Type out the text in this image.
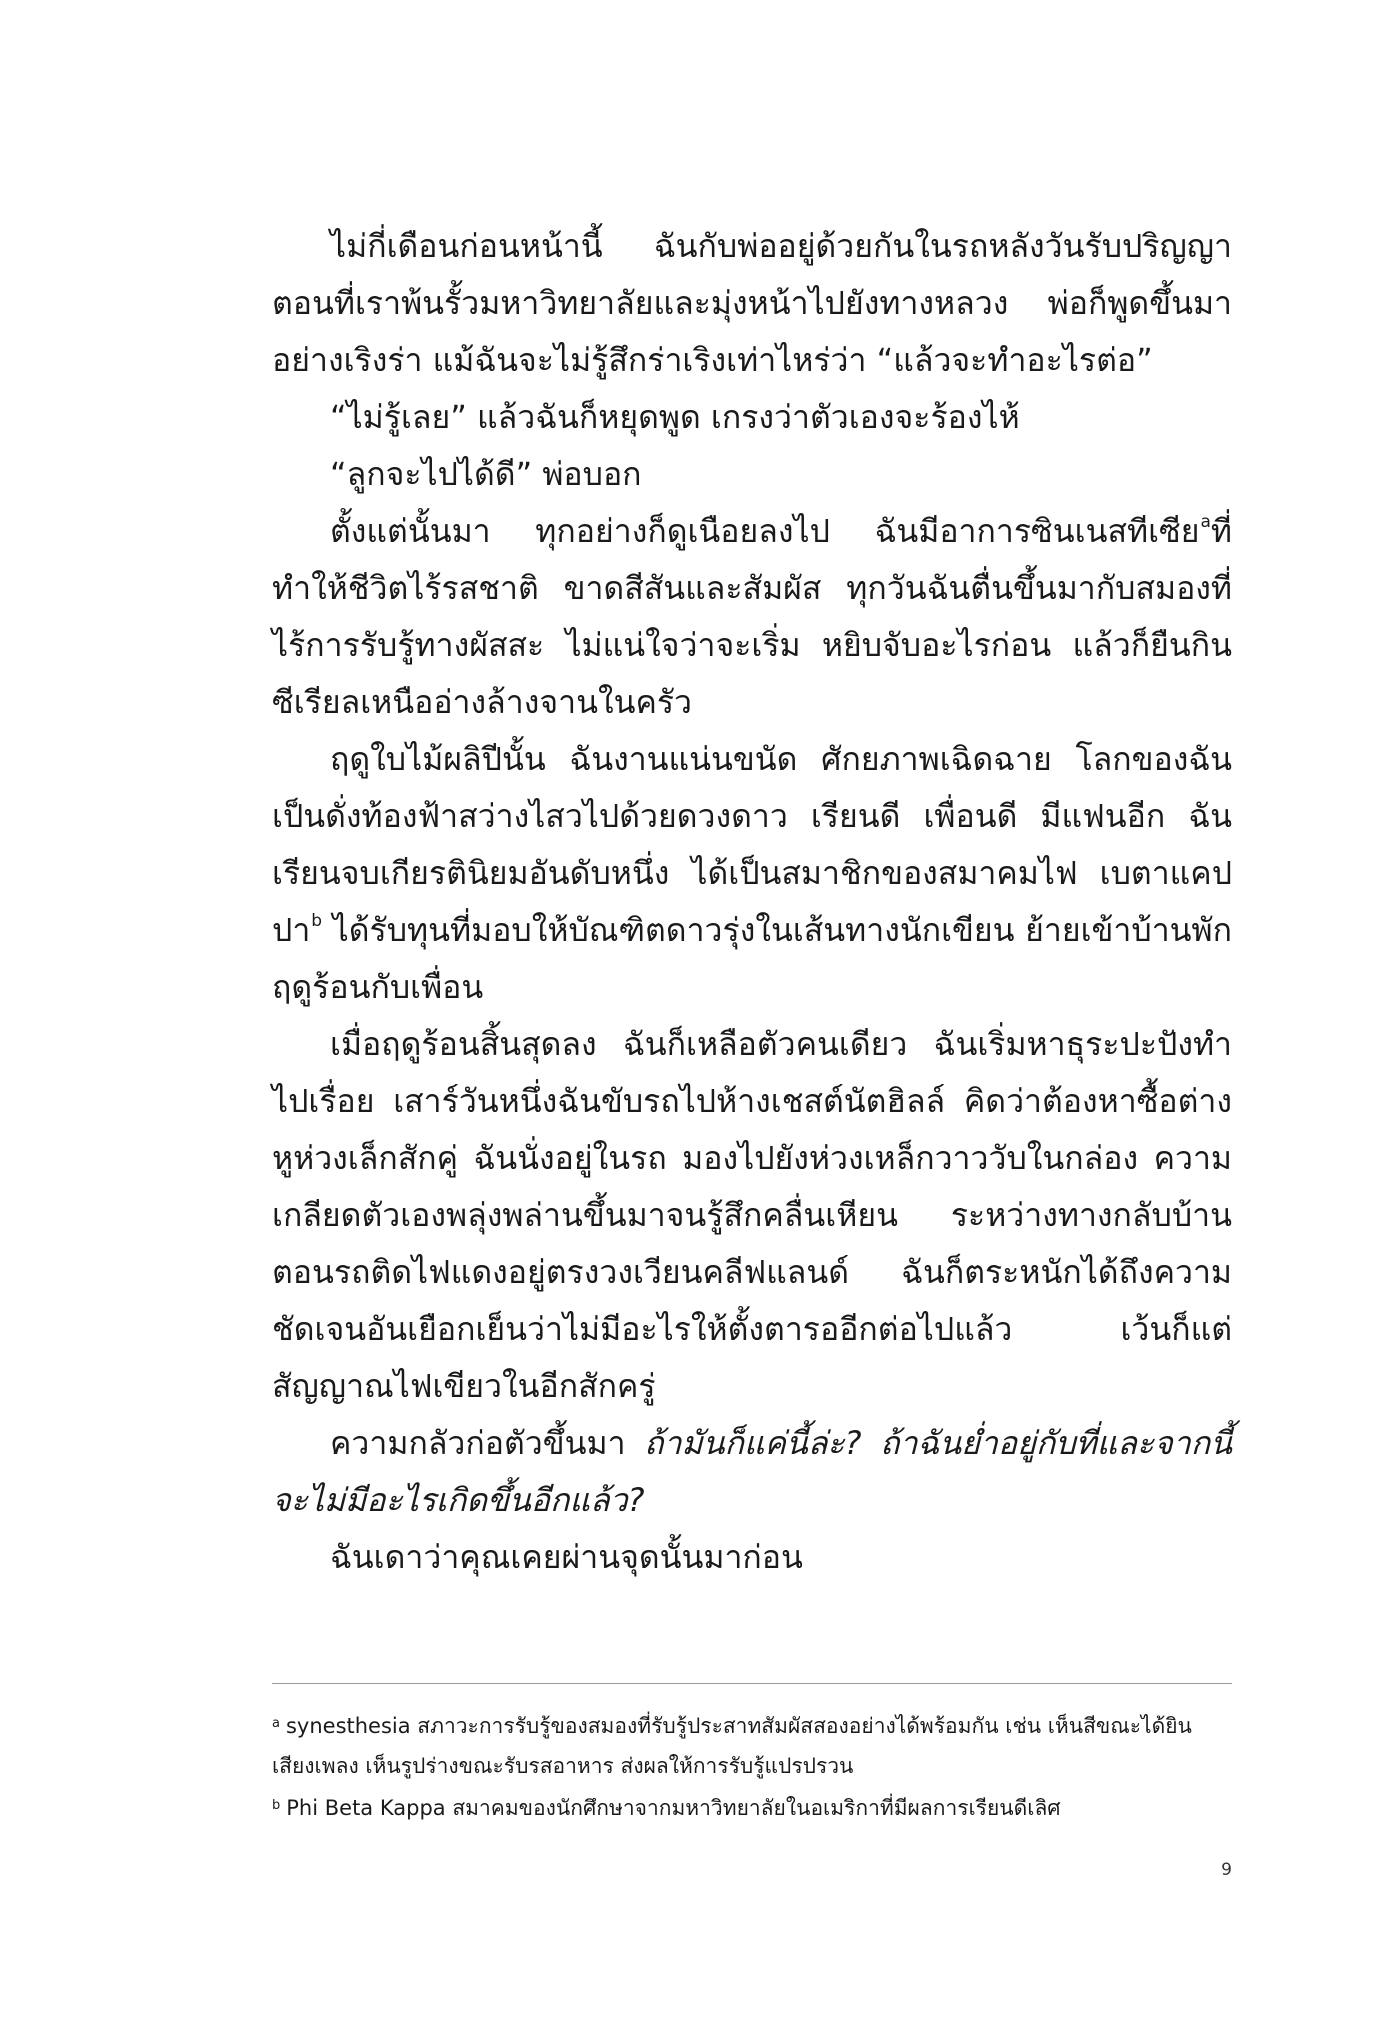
ไม่กี่เดือนก่อนหน้านี้ ฉันกับพ่ออยู่ด้วยกันในรถหลังวันรับปริญญา ตอนที่เราพ้นรั้วมหาวิทยาลัยและมุ่งหน้าไปยังทางหลวง พ่อก็พูดขึ้นมาอย่างเริงร่า แม้ฉันจะไม่รู้สึกร่าเริงเท่าไหร่ว่า “แล้วจะทำอะไรต่อ”

“ไม่รู้เลย” แล้วฉันก็หยุดพูด เกรงว่าตัวเองจะร้องไห้

“ลูกจะไปได้ดี” พ่อบอก

ตั้งแต่นั้นมา ทุกอย่างก็ดูเนือยลงไป ฉันมีอาการซินเนสทีเซีย$^a$ที่ทำให้ชีวิตไร้รสชาติ ขาดสีสันและสัมผัส ทุกวันฉันตื่นขึ้นมากับสมองที่ไร้การรับรู้ทางผัสสะ ไม่แน่ใจว่าจะเริ่ม หยิบจับอะไรก่อน แล้วก็ยืนกินซีเรียลเหนืออ่างล้างจานในครัว

ฤดูใบไม้ผลิปีนั้น ฉันงานแน่นขนัด ศักยภาพเฉิดฉาย โลกของฉันเป็นดั่งท้องฟ้าสว่างไสวไปด้วยดวงดาว เรียนดี เพื่อนดี มีแฟนอีก ฉันเรียนจบเกียรตินิยมอันดับหนึ่ง ได้เป็นสมาชิกของสมาคมไฟ เบตาแคปปา$^b$ ได้รับทุนที่มอบให้บัณฑิตดาวรุ่งในเส้นทางนักเขียน ย้ายเข้าบ้านพักฤดูร้อนกับเพื่อน

เมื่อฤดูร้อนสิ้นสุดลง ฉันก็เหลือตัวคนเดียว ฉันเริ่มหาธุระปะปังทำไปเรื่อย เสาร์วันหนึ่งฉันขับรถไปห้างเชสต์นัตฮิลล์ คิดว่าต้องหาซื้อต่างหูห่วงเล็กสักคู่ ฉันนั่งอยู่ในรถ มองไปยังห่วงเหล็กวาววับในกล่อง ความเกลียดตัวเองพลุ่งพล่านขึ้นมาจนรู้สึกคลื่นเหียน ระหว่างทางกลับบ้านตอนรถติดไฟแดงอยู่ตรงวงเวียนคลีฟแลนด์ ฉันก็ตระหนักได้ถึงความชัดเจนอันเยือกเย็นว่าไม่มีอะไรให้ตั้งตารออีกต่อไปแล้ว เว้นก็แต่สัญญาณไฟเขียวในอีกสักครู่

ความกลัวก่อตัวขึ้นมา ถ้ามันก็แค่นี้ล่ะ? ถ้าฉันย่ำอยู่กับที่และจากนี้จะไม่มีอะไรเกิดขึ้นอีกแล้ว?

ฉันเดาว่าคุณเคยผ่านจุดนั้นมาก่อน

$^a$ synesthesia สภาวะการรับรู้ของสมองที่รับรู้ประสาทสัมผัสสองอย่างได้พร้อมกัน เช่น เห็นสีขณะได้ยินเสียงเพลง เห็นรูปร่างขณะรับรสอาหาร ส่งผลให้การรับรู้แปรปรวน

$^b$ Phi Beta Kappa สมาคมของนักศึกษาจากมหาวิทยาลัยในอเมริกาที่มีผลการเรียนดีเลิศ

9
